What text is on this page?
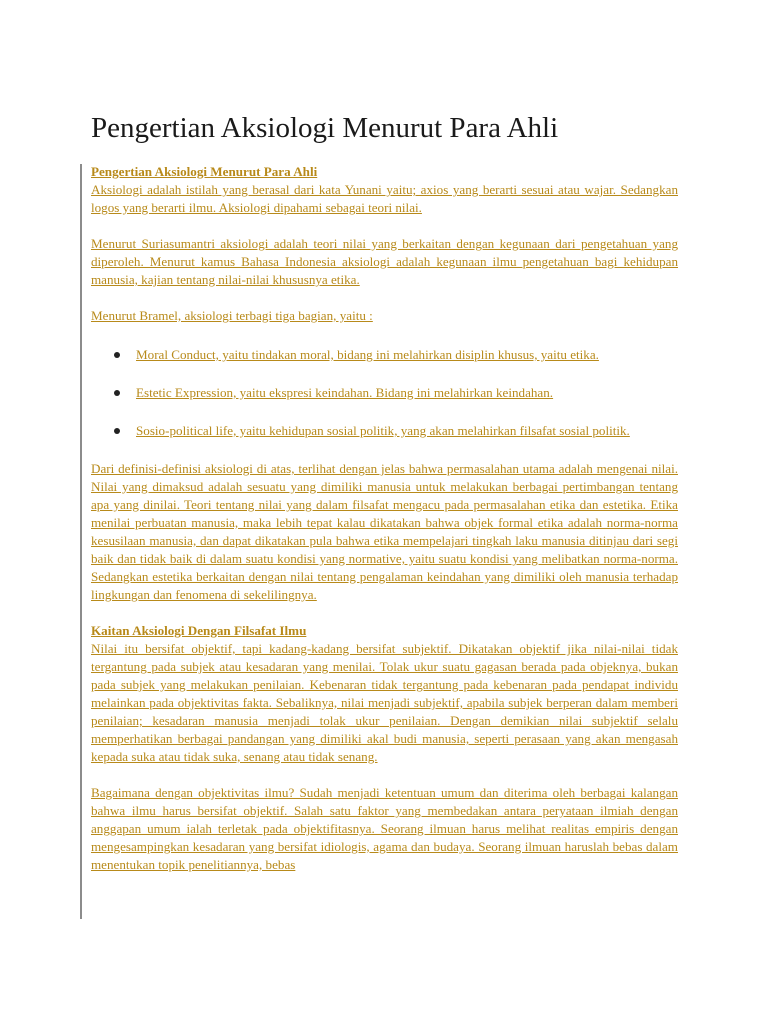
Pengertian Aksiologi Menurut Para Ahli

Pengertian Aksiologi Menurut Para Ahli

Aksiologi adalah istilah yang berasal dari kata Yunani yaitu; axios yang berarti sesuai atau wajar. Sedangkan logos yang berarti ilmu. Aksiologi dipahami sebagai teori nilai.

Menurut Suriasumantri aksiologi adalah teori nilai yang berkaitan dengan kegunaan dari pengetahuan yang diperoleh. Menurut kamus Bahasa Indonesia aksiologi adalah kegunaan ilmu pengetahuan bagi kehidupan manusia, kajian tentang nilai-nilai khususnya etika.

Menurut Bramel, aksiologi terbagi tiga bagian, yaitu :

Moral Conduct, yaitu tindakan moral, bidang ini melahirkan disiplin khusus, yaitu etika.
Estetic Expression, yaitu ekspresi keindahan. Bidang ini melahirkan keindahan.
Sosio-political life, yaitu kehidupan sosial politik, yang akan melahirkan filsafat sosial politik.

Dari definisi-definisi aksiologi di atas, terlihat dengan jelas bahwa permasalahan utama adalah mengenai nilai. Nilai yang dimaksud adalah sesuatu yang dimiliki manusia untuk melakukan berbagai pertimbangan tentang apa yang dinilai. Teori tentang nilai yang dalam filsafat mengacu pada permasalahan etika dan estetika. Etika menilai perbuatan manusia, maka lebih tepat kalau dikatakan bahwa objek formal etika adalah norma-norma kesusilaan manusia, dan dapat dikatakan pula bahwa etika mempelajari tingkah laku manusia ditinjau dari segi baik dan tidak baik di dalam suatu kondisi yang normative, yaitu suatu kondisi yang melibatkan norma-norma. Sedangkan estetika berkaitan dengan nilai tentang pengalaman keindahan yang dimiliki oleh manusia terhadap lingkungan dan fenomena di sekelilingnya.

Kaitan Aksiologi Dengan Filsafat Ilmu

Nilai itu bersifat objektif, tapi kadang-kadang bersifat subjektif. Dikatakan objektif jika nilai-nilai tidak tergantung pada subjek atau kesadaran yang menilai. Tolak ukur suatu gagasan berada pada objeknya, bukan pada subjek yang melakukan penilaian. Kebenaran tidak tergantung pada kebenaran pada pendapat individu melainkan pada objektivitas fakta. Sebaliknya, nilai menjadi subjektif, apabila subjek berperan dalam memberi penilaian; kesadaran manusia menjadi tolak ukur penilaian. Dengan demikian nilai subjektif selalu memperhatikan berbagai pandangan yang dimiliki akal budi manusia, seperti perasaan yang akan mengasah kepada suka atau tidak suka, senang atau tidak senang.

Bagaimana dengan objektivitas ilmu? Sudah menjadi ketentuan umum dan diterima oleh berbagai kalangan bahwa ilmu harus bersifat objektif. Salah satu faktor yang membedakan antara peryataan ilmiah dengan anggapan umum ialah terletak pada objektifitasnya. Seorang ilmuan harus melihat realitas empiris dengan mengesampingkan kesadaran yang bersifat idiologis, agama dan budaya. Seorang ilmuan haruslah bebas dalam menentukan topik penelitiannya, bebas
